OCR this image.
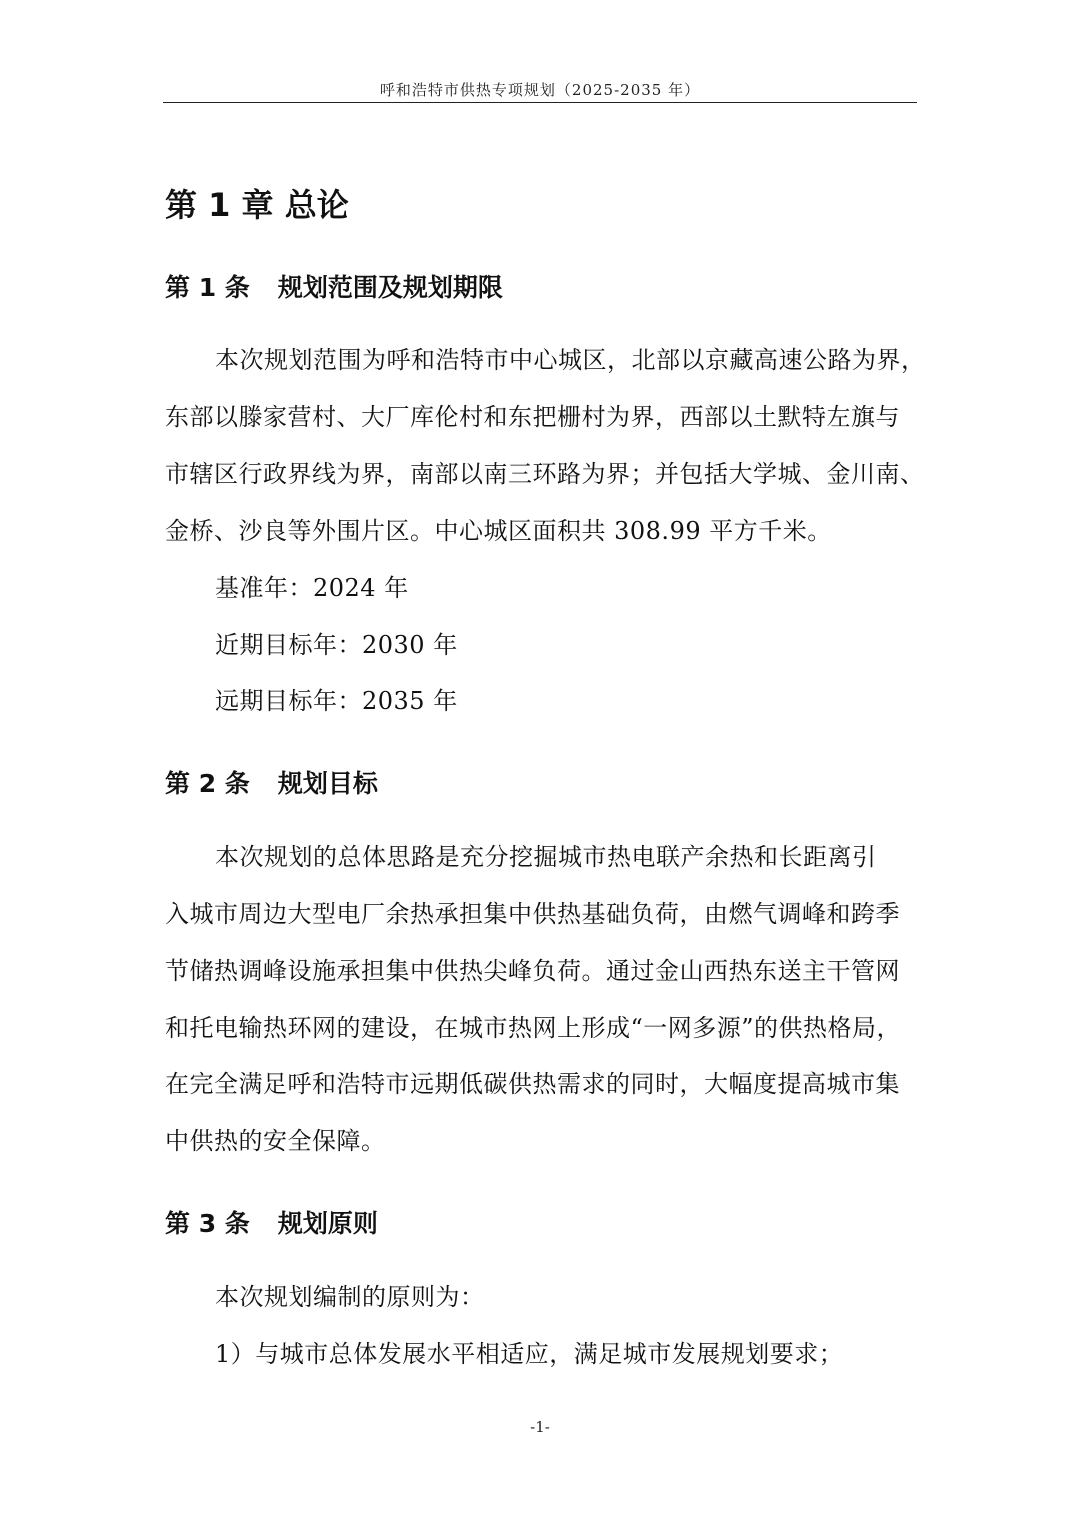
呼和浩特市供热专项规划（2025-2035 年）
第 1 章 总论
第 1 条 规划范围及规划期限
本次规划范围为呼和浩特市中心城区，北部以京藏高速公路为界，
东部以滕家营村、大厂库伦村和东把栅村为界，西部以土默特左旗与
市辖区行政界线为界，南部以南三环路为界；并包括大学城、金川南、
金桥、沙良等外围片区。中心城区面积共 308.99 平方千米。
基准年：2024 年
近期目标年：2030 年
远期目标年：2035 年
第 2 条 规划目标
本次规划的总体思路是充分挖掘城市热电联产余热和长距离引
入城市周边大型电厂余热承担集中供热基础负荷，由燃气调峰和跨季
节储热调峰设施承担集中供热尖峰负荷。通过金山西热东送主干管网
和托电输热环网的建设，在城市热网上形成“一网多源”的供热格局，
在完全满足呼和浩特市远期低碳供热需求的同时，大幅度提高城市集
中供热的安全保障。
第 3 条 规划原则
本次规划编制的原则为：
1）与城市总体发展水平相适应，满足城市发展规划要求；
-1-
